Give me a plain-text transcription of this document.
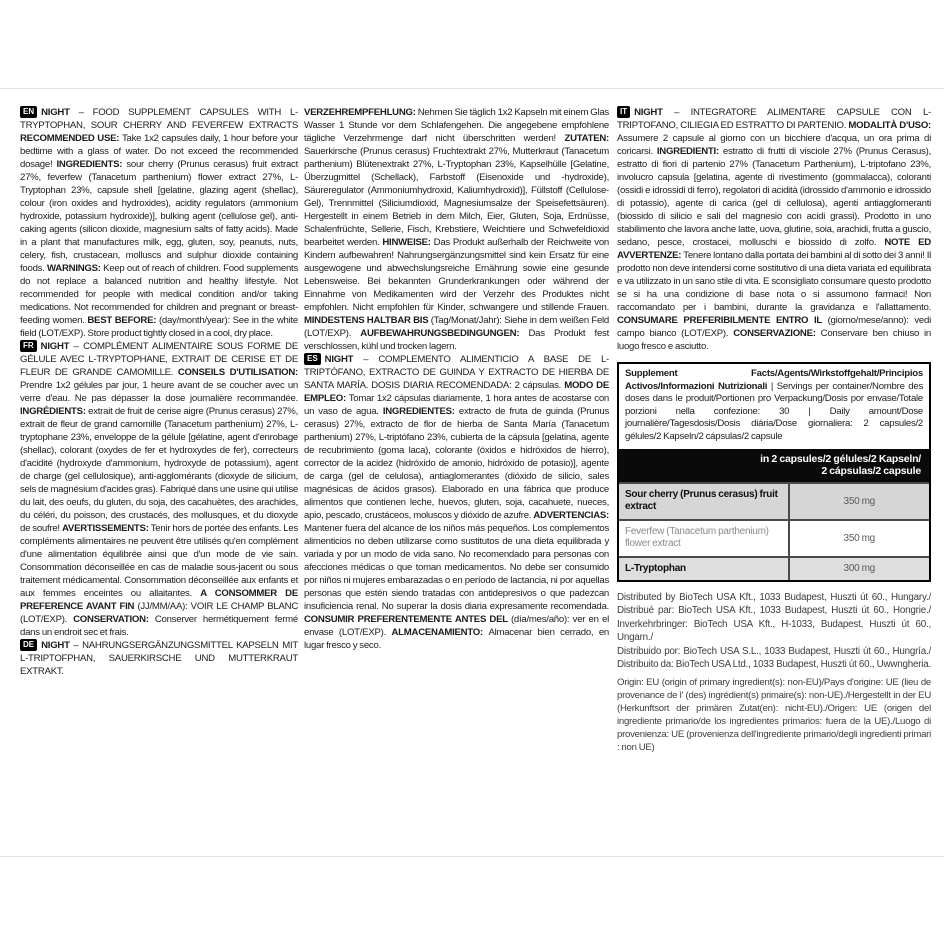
EN NIGHT – FOOD SUPPLEMENT CAPSULES WITH L-TRYPTOPHAN, SOUR CHERRY AND FEVERFEW EXTRACTS RECOMMENDED USE: Take 1x2 capsules daily, 1 hour before your bedtime with a glass of water. Do not exceed the recommended dosage! INGREDIENTS: sour cherry (Prunus cerasus) fruit extract 27%, feverfew (Tanacetum parthenium) flower extract 27%, L-Tryptophan 23%, capsule shell [gelatine, glazing agent (shellac), colour (iron oxides and hydroxides), acidity regulators (ammonium hydroxide, potassium hydroxide)], bulking agent (cellulose gel), anti-caking agents (silicon dioxide, magnesium salts of fatty acids). Made in a plant that manufactures milk, egg, gluten, soy, peanuts, nuts, celery, fish, crustacean, molluscs and sulphur dioxide containing foods. WARNINGS: Keep out of reach of children. Food supplements do not replace a balanced nutrition and healthy lifestyle. Not recommended for people with medical condition and/or taking medications. Not recommended for children and pregnant or breast-feeding women. BEST BEFORE: (day/month/year): See in the white field (LOT/EXP). Store product tightly closed in a cool, dry place.

FR NIGHT – COMPLÉMENT ALIMENTAIRE SOUS FORME DE GÉLULE AVEC L-TRYPTOPHANE, EXTRAIT DE CERISE ET DE FLEUR DE GRANDE CAMOMILLE. CONSEILS D'UTILISATION: Prendre 1x2 gélules par jour, 1 heure avant de se coucher avec un verre d'eau. Ne pas dépasser la dose journalière recommandée. INGRÉDIENTS: extrait de fruit de cerise aigre (Prunus cerasus) 27%, extrait de fleur de grand camomille (Tanacetum parthenium) 27%, L-tryptophane 23%, enveloppe de la gélule [gélatine, agent d'enrobage (shellac), colorant (oxydes de fer et hydroxydes de fer), correcteurs d'acidité (hydroxyde d'ammonium, hydroxyde de potassium), agent de charge (gel cellulosique), anti-agglomérants (dioxyde de silicium, sels de magnésium d'acides gras). Fabriqué dans une usine qui utilise du lait, des oeufs, du gluten, du soja, des cacahuètes, des arachides, du céléri, du poisson, des crustacés, des mollusques, et du dioxyde de soufre! AVERTISSEMENTS: Tenir hors de portée des enfants. Les compléments alimentaires ne peuvent être utilisés qu'en complément d'une alimentation équilibrée ainsi que d'un mode de vie sain. Consommation déconseillée en cas de maladie sous-jacent ou sous traitement médicamental. Consommation déconseillée aux enfants et aux femmes enceintes ou allaitantes. A CONSOMMER DE PREFERENCE AVANT FIN (JJ/MM/AA): VOIR LE CHAMP BLANC (LOT/EXP). CONSERVATION: Conserver hermétiquement fermé dans un endroit sec et frais.

DE NIGHT – NAHRUNGSERGÄNZUNGSMITTEL KAPSELN MIT L-TRIPTOFPHAN, SAUERKIRSCHE UND MUTTERKRAUT EXTRAKT.

VERZEHREMPFEHLUNG: Nehmen Sie täglich 1x2 Kapseln mit einem Glas Wasser 1 Stunde vor dem Schlafengehen. Die angegebene empfohlene tägliche Verzehrmenge darf nicht überschritten werden! ZUTATEN: Sauerkirsche (Prunus cerasus) Fruchtextrakt 27%, Mutterkraut (Tanacetum parthenium) Blütenextrakt 27%, L-Tryptophan 23%, Kapselhülle [Gelatine, Überzugmittel (Schellack), Farbstoff (Eisenoxide und -hydroxide), Säureregulator (Ammoniumhydroxid, Kaliumhydroxid)], Füllstoff (Cellulose-Gel), Trennmittel (Siliciumdioxid, Magnesiumsalze der Speisefettsäuren). Hergestellt in einem Betrieb in dem Milch, Eier, Gluten, Soja, Erdnüsse, Schalenfrüchte, Sellerie, Fisch, Krebstiere, Weichtiere und Schwefeldioxid bearbeitet werden. HINWEISE: Das Produkt außerhalb der Reichweite von Kindern aufbewahren! Nahrungsergänzungsmittel sind kein Ersatz für eine ausgewogene und abwechslungsreiche Ernährung sowie eine gesunde Lebensweise. Bei bekannten Grunderkrankungen oder während der Einnahme von Medikamenten wird der Verzehr des Produktes nicht empfohlen. Nicht empfohlen für Kinder, schwangere und stillende Frauen. MINDESTENS HALTBAR BIS (Tag/Monat/Jahr): Siehe in dem weißen Feld (LOT/EXP). AUFBEWAHRUNGSBEDINGUNGEN: Das Produkt fest verschlossen, kühl und trocken lagern.

ES NIGHT – COMPLEMENTO ALIMENTICIO A BASE DE L-TRIPTÓFANO, EXTRACTO DE GUINDA Y EXTRACTO DE HIERBA DE SANTA MARÍA. DOSIS DIARIA RECOMENDADA: 2 cápsulas. MODO DE EMPLEO: Tomar 1x2 cápsulas diariamente, 1 hora antes de acostarse con un vaso de agua. INGREDIENTES: extracto de fruta de guinda (Prunus cerasus) 27%, extracto de flor de hierba de Santa María (Tanacetum parthenium) 27%, L-triptófano 23%, cubierta de la cápsula [gelatina, agente de recubrimiento (goma laca), colorante (óxidos e hidróxidos de hierro), corrector de la acidez (hidróxido de amonio, hidróxido de potasio)], agente de carga (gel de celulosa), antiaglomerantes (dióxido de silicio, sales magnésicas de ácidos grasos). Elaborado en una fábrica que produce alimentos que contienen leche, huevos, gluten, soja, cacahuete, nueces, apio, pescado, crustáceos, moluscos y dióxido de azufre. ADVERTENCIAS: Mantener fuera del alcance de los niños más pequeños. Los complementos alimenticios no deben utilizarse como sustitutos de una dieta equilibrada y variada y por un modo de vida sano. No recomendado para personas con afecciones médicas o que toman medicamentos. No debe ser consumido por niños ni mujeres embarazadas o en período de lactancia, ni por aquellas personas que estén siendo tratadas con antidepresivos o que padezcan insuficiencia renal. No superar la dosis diaria expresamente recomendada. CONSUMIR PREFERENTEMENTE ANTES DEL (día/mes/año): ver en el envase (LOT/EXP). ALMACENAMIENTO: Almacenar bien cerrado, en lugar fresco y seco.

IT NIGHT – INTEGRATORE ALIMENTARE CAPSULE CON L-TRIPTOFANO, CILIEGIA ED ESTRATTO DI PARTENIO. MODALITÀ D'USO: Assumere 2 capsule al giorno con un bicchiere d'acqua, un ora prima di coricarsi. INGREDIENTI: estratto di frutti di visciole 27% (Prunus Cerasus), estratto di fiori di partenio 27% (Tanacetum Parthenium), L-triptofano 23%, involucro capsula [gelatina, agente di rivestimento (gommalacca), coloranti (ossidi e idrossidi di ferro), regolatori di acidità (idrossido d'ammonio e idrossido di potassio), agente di carica (gel di cellulosa), agenti antiagglomeranti (biossido di silicio e sali del magnesio con acidi grassi). Prodotto in uno stabilimento che lavora anche latte, uova, glutine, soia, arachidi, frutta a guscio, sedano, pesce, crostacei, molluschi e biossido di zolfo. NOTE ED AVVERTENZE: Tenere lontano dalla portata dei bambini al di sotto dei 3 anni! Il prodotto non deve intendersi come sostitutivo di una dieta variata ed equilibrata e va utilizzato in un sano stile di vita. E sconsigliato consumare questo prodotto se si ha una condizione di base nota o si assumono farmaci! Non raccomandato per i bambini, durante la gravidanza e l'allattamento. CONSUMARE PREFERIBILMENTE ENTRO IL (giorno/mese/anno): vedi campo bianco (LOT/EXP). CONSERVAZIONE: Conservare ben chiuso in luogo fresco e asciutto.

Supplement Facts/Agents/Wirkstoffgehalt/Principios Activos/Informazioni Nutrizionali | Servings per container/Nombre des doses dans le produit/Portionen pro Verpackung/Dosis por envase/Totale porzioni nella confezione: 30 | Daily amount/Dose journalière/Tagesdosis/Dosis diária/Dose giornaliera: 2 capsules/2 gélules/2 Kapseln/2 cápsulas/2 capsule
in 2 capsules/2 gélules/2 Kapseln/
2 cápsulas/2 capsule
Sour cherry (Prunus cerasus) fruit extract	350 mg
Feverfew (Tanacetum parthenium) flower extract	350 mg
L-Tryptophan	300 mg
Distributed by BioTech USA Kft., 1033 Budapest, Huszti út 60., Hungary./
Distribué par: BioTech USA Kft., 1033 Budapest, Huszti út 60., Hongrie./
Inverkehrbringer: BioTech USA Kft., H-1033, Budapest, Huszti út 60., Ungarn./
Distribuido por: BioTech USA S.L., 1033 Budapest, Huszti út 60., Hungría./
Distribuito da: BioTech USA Ltd., 1033 Budapest, Huszti út 60., Uwwngheria.

Origin: EU (origin of primary ingredient(s): non-EU)/Pays d'origine: UE (lieu de provenance de l' (des) ingrédient(s) primaire(s): non-UE)./Hergestellt in der EU (Herkunftsort der primären Zutat(en): nicht-EU)./Origen: UE (origen del ingrediente primario/de los ingredientes primarios: fuera de la UE)./Luogo di provenienza: UE (provenienza dell'ingrediente primario/degli ingredienti primari : non UE)
